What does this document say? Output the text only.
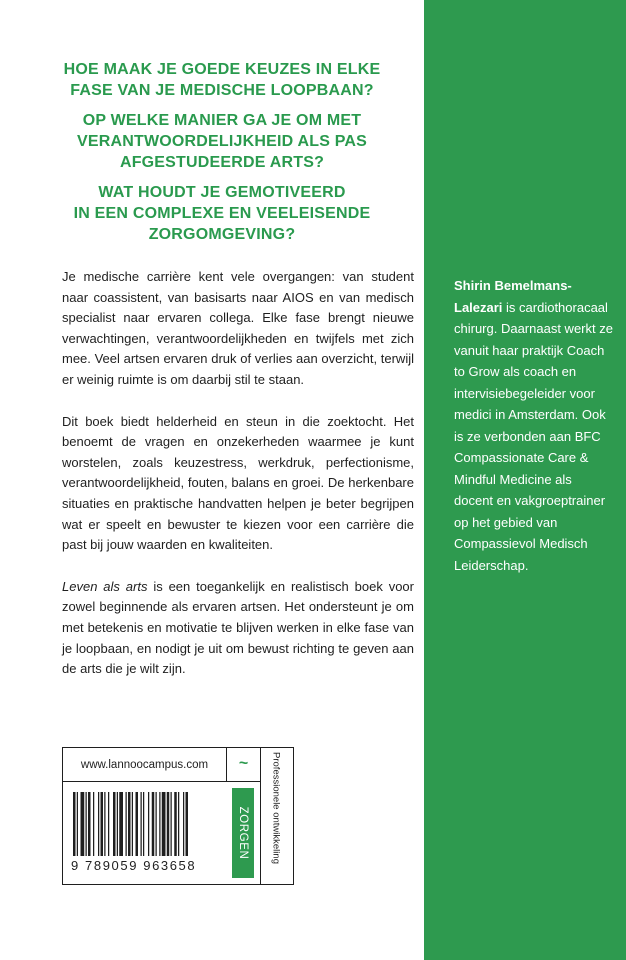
HOE MAAK JE GOEDE KEUZES IN ELKE
FASE VAN JE MEDISCHE LOOPBAAN?

OP WELKE MANIER GA JE OM MET
VERANTWOORDELIJKHEID ALS PAS
AFGESTUDEERDE ARTS?

WAT HOUDT JE GEMOTIVEERD
IN EEN COMPLEXE EN VEELEISENDE
ZORGOMGEVING?

Je medische carrière kent vele overgangen: van student naar coassistent, van basisarts naar AIOS en van medisch specialist naar ervaren collega. Elke fase brengt nieuwe verwachtingen, verantwoordelijkheden en twijfels met zich mee. Veel artsen ervaren druk of verlies aan overzicht, terwijl er weinig ruimte is om daarbij stil te staan.

Dit boek biedt helderheid en steun in die zoektocht. Het benoemt de vragen en onzekerheden waarmee je kunt worstelen, zoals keuzestress, werkdruk, perfectionisme, verantwoordelijkheid, fouten, balans en groei. De herkenbare situaties en praktische handvatten helpen je beter begrijpen wat er speelt en bewuster te kiezen voor een carrière die past bij jouw waarden en kwaliteiten.

Leven als arts is een toegankelijk en realistisch boek voor zowel beginnende als ervaren artsen. Het ondersteunt je om met betekenis en motivatie te blijven werken in elke fase van je loopbaan, en nodigt je uit om bewust richting te geven aan de arts die je wilt zijn.

www.lannoocampus.com	~
9 789059 963658
ZORGEN Professionele ontwikkeling
Shirin Bemelmans-Lalezari is cardiothoracaal chirurg. Daarnaast werkt ze vanuit haar praktijk Coach to Grow als coach en intervisiebegeleider voor medici in Amsterdam. Ook is ze verbonden aan BFC Compassionate Care & Mindful Medicine als docent en vakgroeptrainer op het gebied van Compassievol Medisch Leiderschap.
